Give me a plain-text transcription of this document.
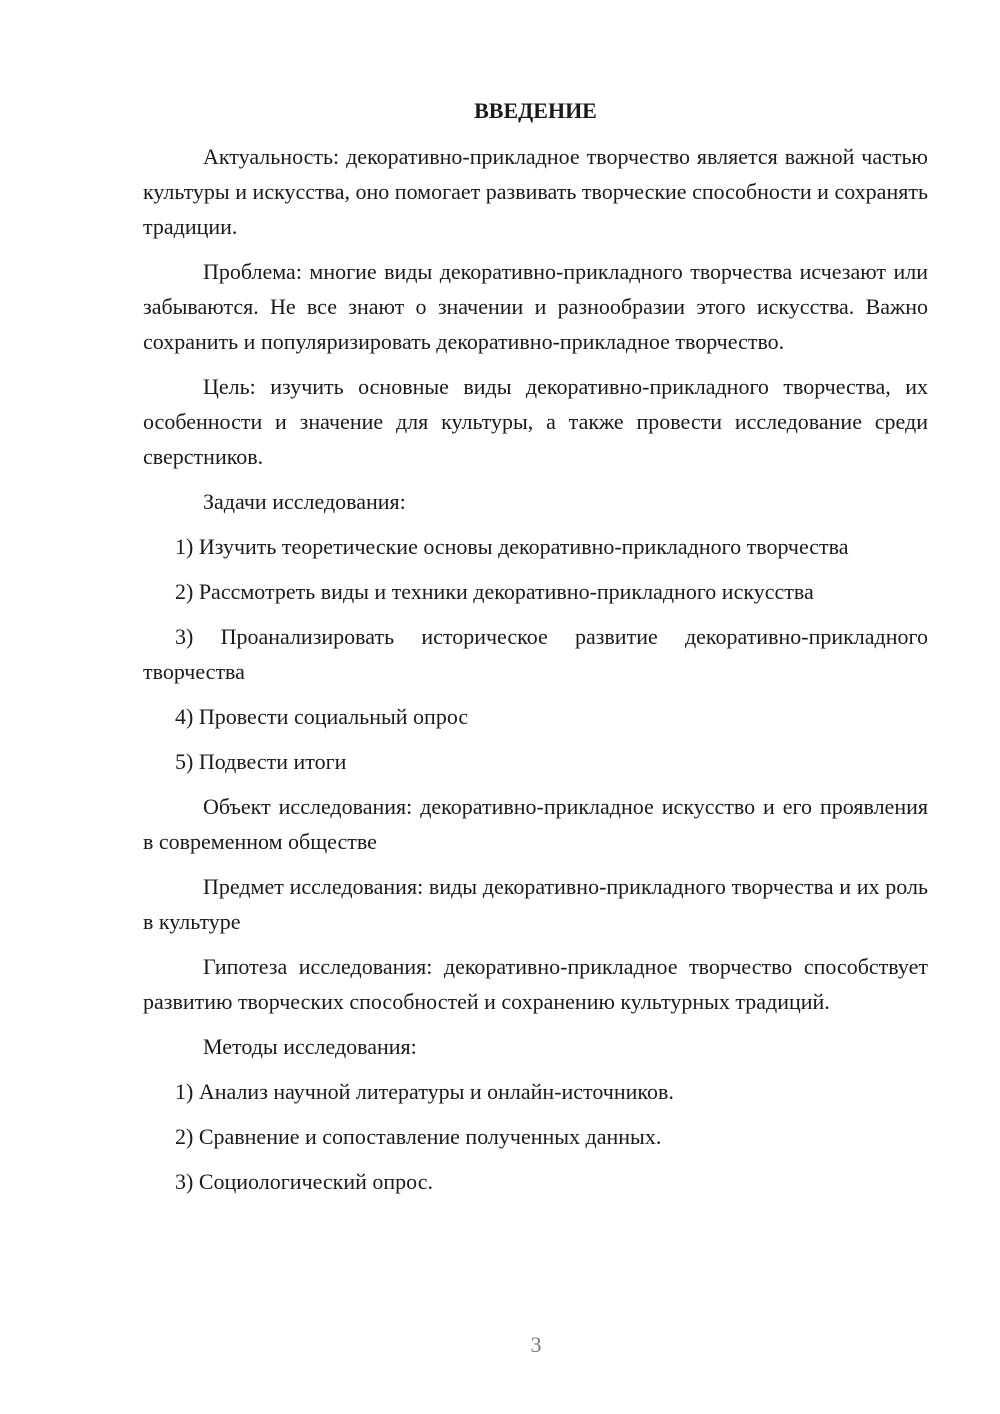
ВВЕДЕНИЕ

Актуальность: декоративно-прикладное творчество является важной частью культуры и искусства, оно помогает развивать творческие способности и сохранять традиции.

Проблема: многие виды декоративно-прикладного творчества исчезают или забываются. Не все знают о значении и разнообразии этого искусства. Важно сохранить и популяризировать декоративно-прикладное творчество.

Цель: изучить основные виды декоративно-прикладного творчества, их особенности и значение для культуры, а также провести исследование среди сверстников.

Задачи исследования:

1) Изучить теоретические основы декоративно-прикладного творчества

2) Рассмотреть виды и техники декоративно-прикладного искусства

3) Проанализировать историческое развитие декоративно-прикладного творчества

4) Провести социальный опрос

5) Подвести итоги

Объект исследования: декоративно-прикладное искусство и его проявления в современном обществе

Предмет исследования: виды декоративно-прикладного творчества и их роль в культуре

Гипотеза исследования: декоративно-прикладное творчество способствует развитию творческих способностей и сохранению культурных традиций.

Методы исследования:

1) Анализ научной литературы и онлайн-источников.

2) Сравнение и сопоставление полученных данных.

3) Социологический опрос.

3
